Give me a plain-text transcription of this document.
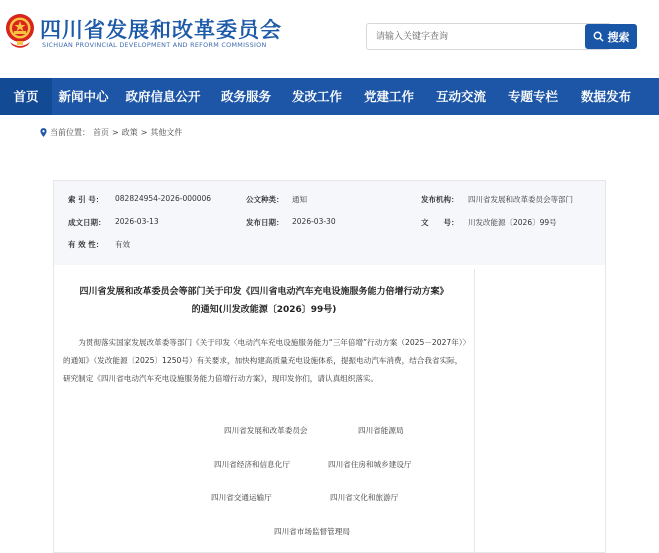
四川省发展和改革委员会
SICHUAN PROVINCIAL DEVELOPMENT AND REFORM COMMISSION
请输入关键字查询
搜索
首页	新闻中心	政府信息公开	政务服务	发改工作	党建工作	互动交流	专题专栏	数据发布
当前位置： 首页 > 政策 > 其他文件
索 引 号： 082824954-2026-000006	公文种类： 通知	发布机构： 四川省发展和改革委员会等部门
成文日期： 2026-03-13	发布日期： 2026-03-30	文　　号： 川发改能源〔2026〕99号
有 效 性： 有效
四川省发展和改革委员会等部门关于印发《四川省电动汽车充电设施服务能力倍增行动方案》
的通知(川发改能源〔2026〕99号)
为贯彻落实国家发展改革委等部门《关于印发〈电动汽车充电设施服务能力“三年倍增”行动方案（2025－2027年）〉的通知》（发改能源〔2025〕1250号）有关要求，加快构建高质量充电设施体系，提振电动汽车消费，结合我省实际，研究制定《四川省电动汽车充电设施服务能力倍增行动方案》，现印发你们，请认真组织落实。
四川省发展和改革委员会	四川省能源局
四川省经济和信息化厅	四川省住房和城乡建设厅
四川省交通运输厅	四川省文化和旅游厅
四川省市场监督管理局
